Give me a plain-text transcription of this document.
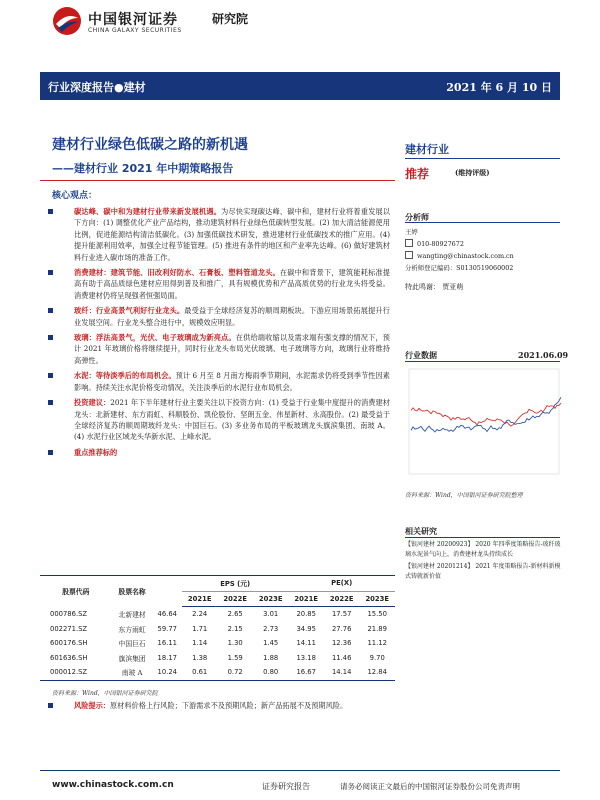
中国银河证券
CHINA GALAXY SECURITIES
研究院
行业深度报告●建材	2021 年 6 月 10 日
建材行业绿色低碳之路的新机遇
——建材行业 2021 年中期策略报告
核心观点：
碳达峰、碳中和为建材行业带来新发展机遇。为尽快实现碳达峰、碳中和，建材行业将着重发展以下方向：(1) 调整优化产业产品结构，推动建筑材料行业绿色低碳转型发展。(2) 加大清洁能源使用比例，促进能源结构清洁低碳化。(3) 加强低碳技术研发，推进建材行业低碳技术的推广应用。(4) 提升能源利用效率，加强全过程节能管理。(5) 推进有条件的地区和产业率先达峰。(6) 做好建筑材料行业进入碳市场的准备工作。
消费建材：建筑节能、旧改利好防水、石膏板、塑料管道龙头。在碳中和背景下，建筑能耗标准提高有助于高品质绿色建材应用得到普及和推广，具有规模优势和产品高质优势的行业龙头将受益。消费建材仍将呈现强者恒强局面。
玻纤：行业高景气利好行业龙头。最受益于全球经济复苏的顺周期板块。下游应用场景拓展提升行业发展空间。行业龙头整合进行中，规模效应明显。
玻璃：浮法高景气，光伏、电子玻璃成为新亮点。在供给端收缩以及需求端有强支撑的情况下，预计 2021 年玻璃价格将继续提升，同时行业龙头布局光伏玻璃、电子玻璃等方向，玻璃行业将维持高弹性。
水泥：等待淡季后的布局机会。预计 6 月至 8 月南方梅雨季节期间，水泥需求仍将受到季节性因素影响。持续关注水泥价格变动情况，关注淡季后的水泥行业布局机会。
投资建议：2021 年下半年建材行业主要关注以下投资方向：(1) 受益于行业集中度提升的消费建材龙头：北新建材、东方雨虹、科顺股份、凯伦股份、坚朗五金、伟星新材、永高股份。(2) 最受益于全球经济复苏的顺周期玻纤龙头：中国巨石。(3) 多业务布局的平板玻璃龙头旗滨集团、南玻 A。(4) 水泥行业区域龙头华新水泥、上峰水泥。
重点推荐标的
股票代码	股票名称		EPS (元)			PE(X)		
			2021E	2022E	2023E	2021E	2022E	2023E
000786.SZ	北新建材	46.64	2.24	2.65	3.01	20.85	17.57	15.50
002271.SZ	东方雨虹	59.77	1.71	2.15	2.73	34.95	27.76	21.89
600176.SH	中国巨石	16.11	1.14	1.30	1.45	14.11	12.36	11.12
601636.SH	旗滨集团	18.17	1.38	1.59	1.88	13.18	11.46	9.70
000012.SZ	南玻 A	10.24	0.61	0.72	0.80	16.67	14.14	12.84
资料来源：Wind，中国银河证券研究院
风险提示：原材料价格上行风险；下游需求不及预期风险；新产品拓展不及预期风险。
建材行业
推荐	(维持评级)
分析师
王婷
010-80927672
wangting@chinastock.com.cn
分析师登记编码：S0130519060002
特此鸣谢： 贾亚萌
行业数据	2021.06.09
资料来源：Wind，中国银河证券研究院整理
相关研究

【银河建材 20200923】 2020 年四季度策略报告-玻纤玻璃水泥景气向上，消费建材龙头持续成长

【银河建材 20201214】 2021 年度策略报告-新材料新模式铸就新价值

www.chinastock.com.cn	证券研究报告	请务必阅读正文最后的中国银河证券股份公司免责声明
